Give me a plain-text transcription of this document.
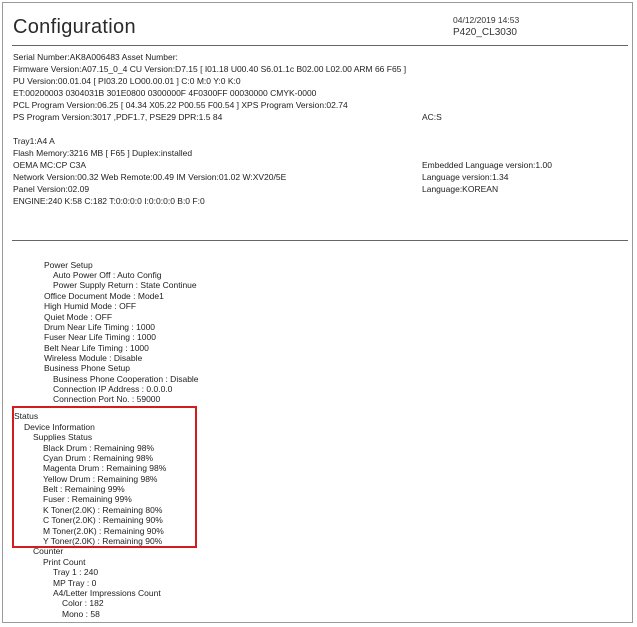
Configuration	04/12/2019 14:53
P420_CL3030
Serial Number:AK8A006483 Asset Number:
Firmware Version:A07.15_0_4 CU Version:D7.15 [ I01.18 U00.40 S6.01.1c B02.00 L02.00 ARM 66 F65 ]
PU Version:00.01.04 [ PI03.20 LO00.00.01 ] C:0 M:0 Y:0 K:0
ET:00200003 0304031B 301E0800 0300000F 4F0300FF 00030000 CMYK-0000
PCL Program Version:06.25 [ 04.34 X05.22 P00.55 F00.54 ] XPS Program Version:02.74
PS Program Version:3017 ,PDF1.7, PSE29 DPR:1.5 84	AC:S
Tray1:A4 A
Flash Memory:3216 MB [ F65 ] Duplex:installed
OEMA MC:CP C3A
Network Version:00.32 Web Remote:00.49 IM Version:01.02 W:XV20/5E
Panel Version:02.09
ENGINE:240 K:58 C:182 T:0:0:0:0 I:0:0:0:0 B:0 F:0
Embedded Language version:1.00
Language version:1.34
Language:KOREAN
Power Setup
Auto Power Off : Auto Config
Power Supply Return : State Continue
Office Document Mode : Mode1
High Humid Mode : OFF
Quiet Mode : OFF
Drum Near Life Timing : 1000
Fuser Near Life Timing : 1000
Belt Near Life Timing : 1000
Wireless Module : Disable
Business Phone Setup
Business Phone Cooperation : Disable
Connection IP Address : 0.0.0.0
Connection Port No. : 59000
Status
Device Information
Supplies Status
Black Drum : Remaining 98%
Cyan Drum : Remaining 98%
Magenta Drum : Remaining 98%
Yellow Drum : Remaining 98%
Belt : Remaining 99%
Fuser : Remaining 99%
K Toner(2.0K) : Remaining 80%
C Toner(2.0K) : Remaining 90%
M Toner(2.0K) : Remaining 90%
Y Toner(2.0K) : Remaining 90%
Counter
Print Count
Tray 1 : 240
MP Tray : 0
A4/Letter Impressions Count
Color : 182
Mono : 58
